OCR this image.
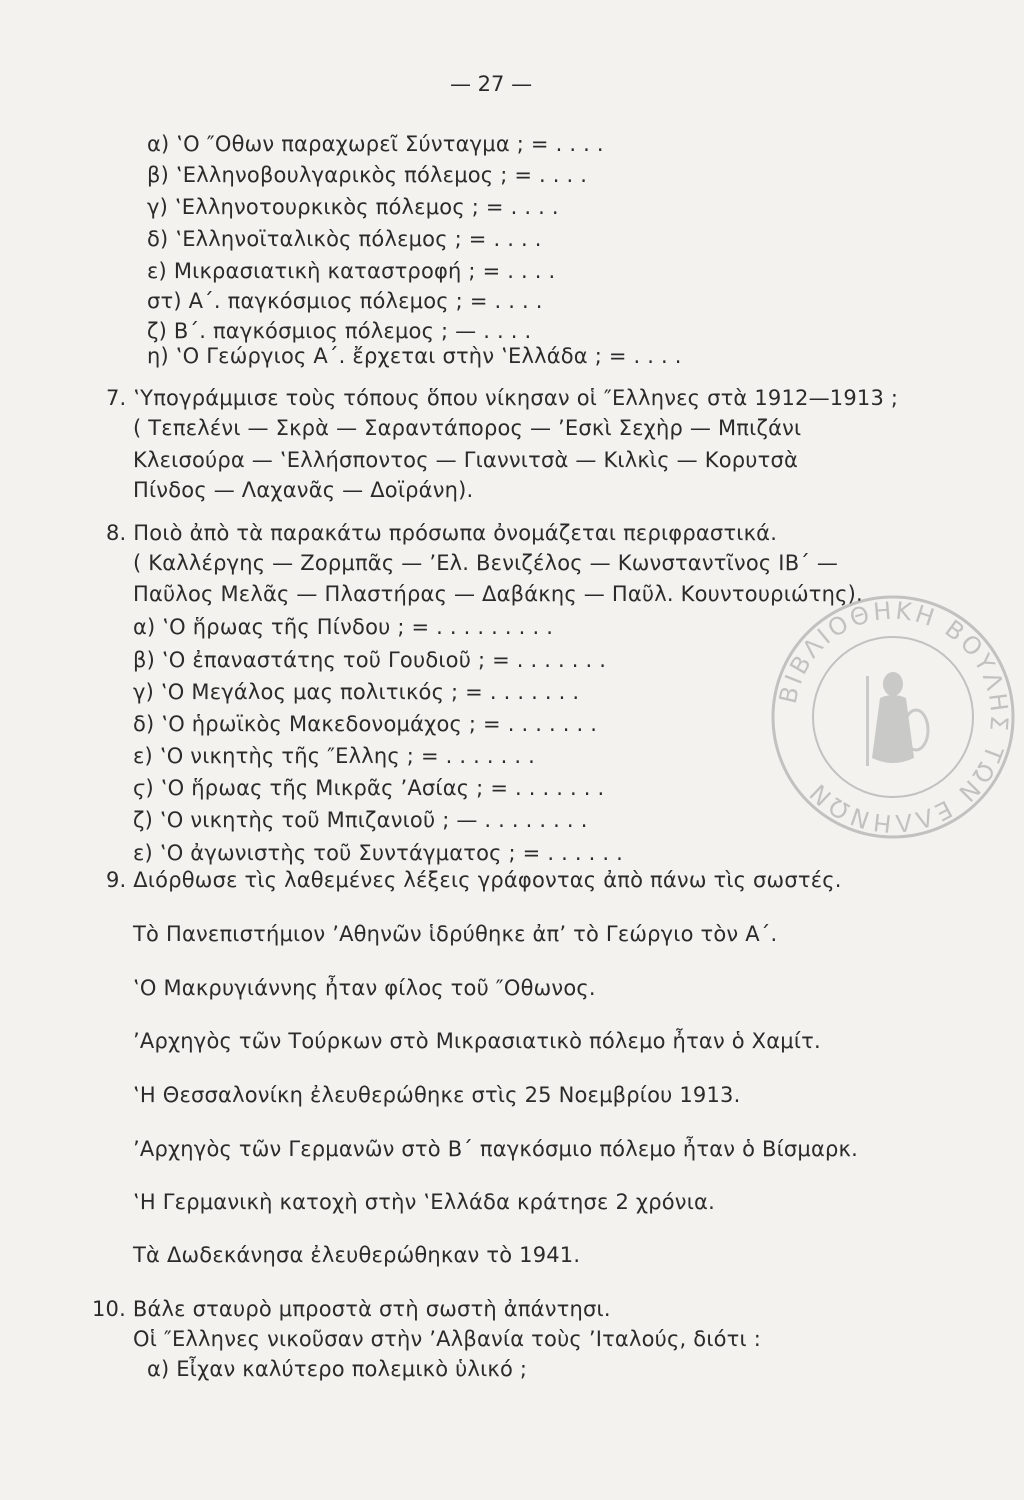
— 27 —
α) ‛Ο ″Οθων παραχωρεῖ Σύνταγμα ; = . . . .
β) ‛Ελληνοβουλγαρικὸς πόλεμος ; = . . . .
γ) ‛Ελληνοτουρκικὸς πόλεμος ; = . . . .
δ) ‛Ελληνοϊταλικὸς πόλεμος ; = . . . .
ε) Μικρασιατικὴ καταστροφή ; = . . . .
στ) Α΄. παγκόσμιος πόλεμος ; = . . . .
ζ) Β΄. παγκόσμιος πόλεμος ; — . . . .
η) ‛Ο Γεώργιος Α΄. ἔρχεται στὴν ‛Ελλάδα ; = . . . .
7. ‛Υπογράμμισε τοὺς τόπους ὅπου νίκησαν οἱ ″Ελληνες στὰ 1912—1913 ;
( Τεπελένι — Σκρὰ — Σαραντάπορος — ’Εσκὶ Σεχὴρ — Μπιζάνι
Κλεισούρα — ‛Ελλήσποντος — Γιαννιτσὰ — Κιλκὶς — Κορυτσὰ
Πίνδος — Λαχανᾶς — Δοϊράνη).
8. Ποιὸ ἀπὸ τὰ παρακάτω πρόσωπα ὀνομάζεται περιφραστικά.
( Καλλέργης — Ζορμπᾶς — ’Ελ. Βενιζέλος — Κωνσταντῖνος ΙΒ΄ —
Παῦλος Μελᾶς — Πλαστήρας — Δαβάκης — Παῦλ. Κουντουριώτης).
α) ‛Ο ἥρωας τῆς Πίνδου ; = . . . . . . . . .
β) ‛Ο ἐπαναστάτης τοῦ Γουδιοῦ ; = . . . . . . .
γ) ‛Ο Μεγάλος μας πολιτικός ; = . . . . . . .
δ) ‛Ο ἡρωϊκὸς Μακεδονομάχος ; = . . . . . . .
ε) ‛Ο νικητὴς τῆς ″Ελλης ; = . . . . . . .
ϛ) ‛Ο ἥρωας τῆς Μικρᾶς ’Ασίας ; = . . . . . . .
ζ) ‛Ο νικητὴς τοῦ Μπιζανιοῦ ; — . . . . . . . .
ε) ‛Ο ἀγωνιστὴς τοῦ Συντάγματος ; = . . . . . .
9. Διόρθωσε τὶς λαθεμένες λέξεις γράφοντας ἀπὸ πάνω τὶς σωστές.
Τὸ Πανεπιστήμιον ’Αθηνῶν ἱδρύθηκε ἀπ’ τὸ Γεώργιο τὸν Α΄.
‛Ο Μακρυγιάννης ἦταν φίλος τοῦ ″Οθωνος.
’Αρχηγὸς τῶν Τούρκων στὸ Μικρασιατικὸ πόλεμο ἦταν ὁ Χαμίτ.
‛Η Θεσσαλονίκη ἐλευθερώθηκε στὶς 25 Νοεμβρίου 1913.
’Αρχηγὸς τῶν Γερμανῶν στὸ Β΄ παγκόσμιο πόλεμο ἦταν ὁ Βίσμαρκ.
‛Η Γερμανικὴ κατοχὴ στὴν ‛Ελλάδα κράτησε 2 χρόνια.
Τὰ Δωδεκάνησα ἐλευθερώθηκαν τὸ 1941.
10. Βάλε σταυρὸ μπροστὰ στὴ σωστὴ ἀπάντησι.
Οἱ ″Ελληνες νικοῦσαν στὴν ’Αλβανία τοὺς ’Ιταλούς, διότι :
α) Εἶχαν καλύτερο πολεμικὸ ὑλικό ;
ΒΙΒΛΙΟΘΗΚΗ ΒΟΥΛΗΣ ΤΩΝ ΕΛΛΗΝΩΝ
